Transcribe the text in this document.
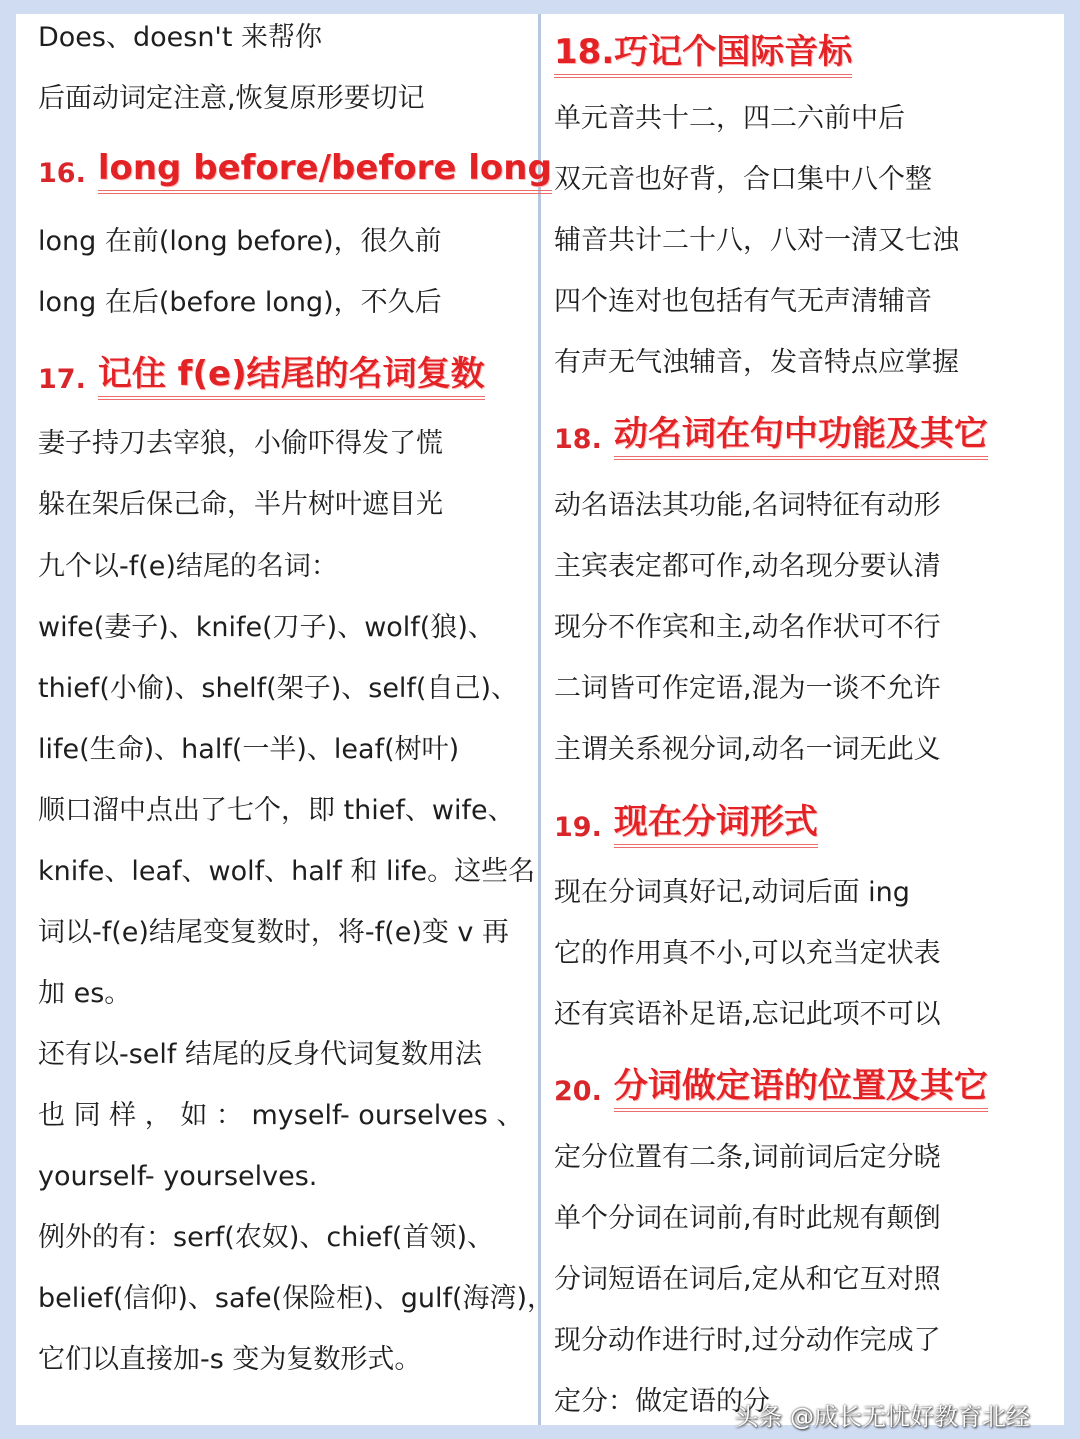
Does、doesn't 来帮你
后面动词定注意,恢复原形要切记
16. long before/before long
long 在前(long before)，很久前
long 在后(before long)，不久后
17. 记住 f(e)结尾的名词复数
妻子持刀去宰狼，小偷吓得发了慌
躲在架后保己命，半片树叶遮目光
九个以-f(e)结尾的名词：
wife(妻子)、knife(刀子)、wolf(狼)、
thief(小偷)、shelf(架子)、self(自己)、
life(生命)、half(一半)、leaf(树叶)
顺口溜中点出了七个，即 thief、wife、
knife、leaf、wolf、half 和 life。这些名
词以-f(e)结尾变复数时，将-f(e)变 v 再
加 es。
还有以-self 结尾的反身代词复数用法
也 同 样 ， 如 ： myself- ourselves 、
yourself- yourselves.
例外的有：serf(农奴)、chief(首领)、
belief(信仰)、safe(保险柜)、gulf(海湾)，
它们以直接加-s 变为复数形式。
18.巧记个国际音标
单元音共十二，四二六前中后
双元音也好背，合口集中八个整
辅音共计二十八，八对一清又七浊
四个连对也包括有气无声清辅音
有声无气浊辅音，发音特点应掌握
18. 动名词在句中功能及其它
动名语法其功能,名词特征有动形
主宾表定都可作,动名现分要认清
现分不作宾和主,动名作状可不行
二词皆可作定语,混为一谈不允许
主谓关系视分词,动名一词无此义
19. 现在分词形式
现在分词真好记,动词后面 ing
它的作用真不小,可以充当定状表
还有宾语补足语,忘记此项不可以
20. 分词做定语的位置及其它
定分位置有二条,词前词后定分晓
单个分词在词前,有时此规有颠倒
分词短语在词后,定从和它互对照
现分动作进行时,过分动作完成了
定分：做定语的分
头条 @成长无忧好教育北经
